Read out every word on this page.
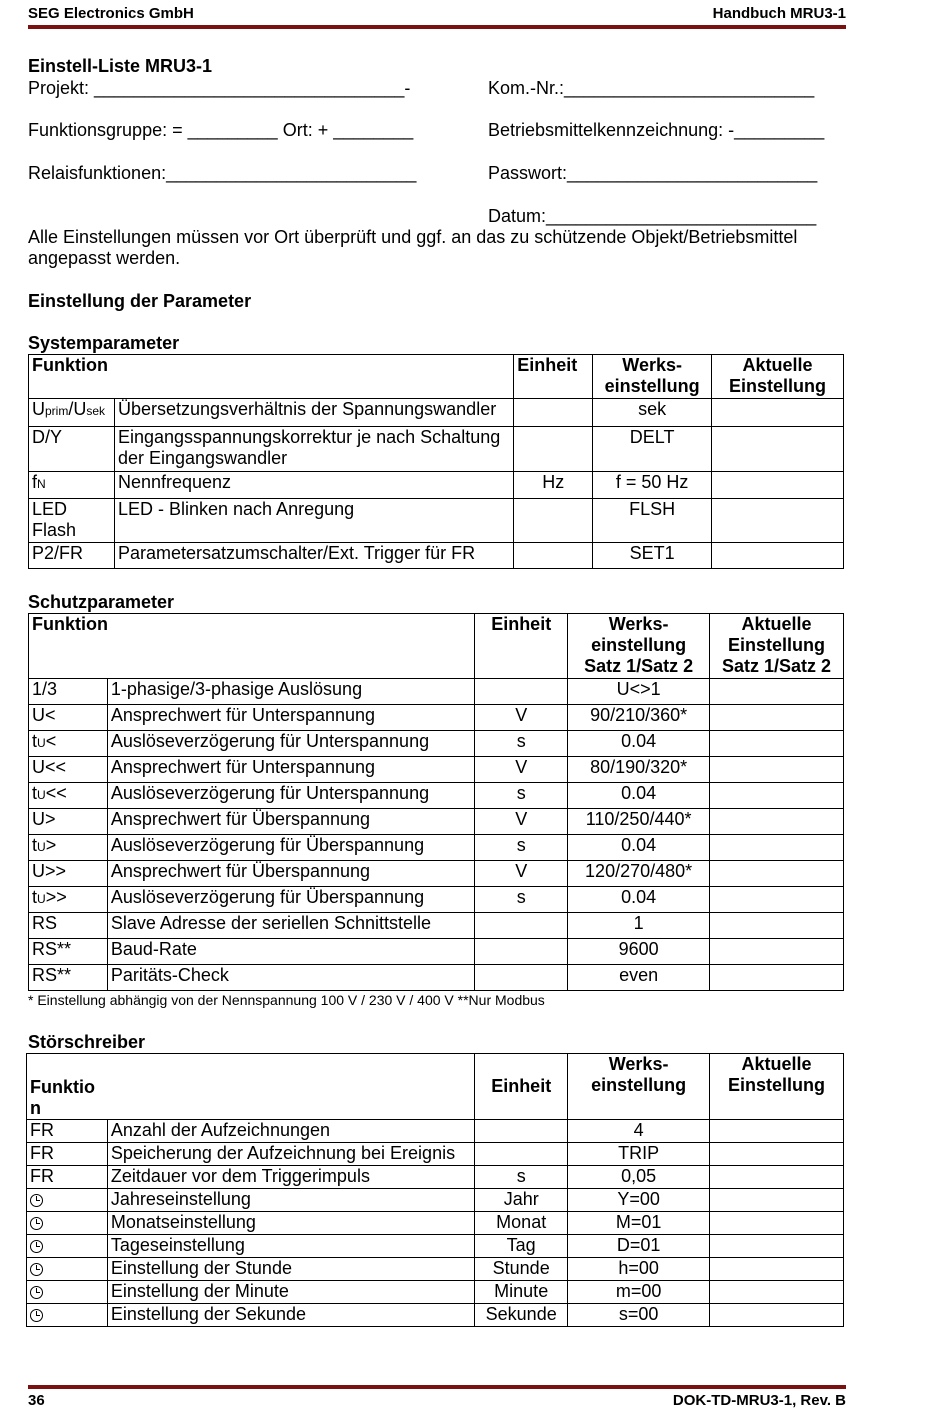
SEG Electronics GmbH	Handbuch MRU3-1
Einstell-Liste MRU3-1
Projekt: _______________________________-	Kom.-Nr.:_________________________
Funktionsgruppe: = _________ Ort: + ________	Betriebsmittelkennzeichnung: -_________
Relaisfunktionen:_________________________	Passwort:_________________________
Datum:___________________________
Alle Einstellungen müssen vor Ort überprüft und ggf. an das zu schützende Objekt/Betriebsmittel
angepasst werden.
Einstellung der Parameter
Systemparameter
Funktion		Einheit	Werks-
einstellung	Aktuelle
Einstellung
Uprim/Usek	Übersetzungsverhältnis der Spannungswandler		sek	
D/Y	Eingangsspannungskorrektur je nach Schaltung
der Eingangswandler		DELT	
fN	Nennfrequenz	Hz	f = 50 Hz	
LED
Flash	LED - Blinken nach Anregung		FLSH	
P2/FR	Parametersatzumschalter/Ext. Trigger für FR		SET1	
Schutzparameter
Funktion		Einheit	Werks-
einstellung
Satz 1/Satz 2	Aktuelle
Einstellung
Satz 1/Satz 2
1/3	1-phasige/3-phasige Auslösung		U<>1	
U<	Ansprechwert für Unterspannung	V	90/210/360*	
tU<	Auslöseverzögerung für Unterspannung	s	0.04	
U<<	Ansprechwert für Unterspannung	V	80/190/320*	
tU<<	Auslöseverzögerung für Unterspannung	s	0.04	
U>	Ansprechwert für Überspannung	V	110/250/440*	
tU>	Auslöseverzögerung für Überspannung	s	0.04	
U>>	Ansprechwert für Überspannung	V	120/270/480*	
tU>>	Auslöseverzögerung für Überspannung	s	0.04	
RS	Slave Adresse der seriellen Schnittstelle		1	
RS**	Baud-Rate		9600	
RS**	Paritäts-Check		even	
* Einstellung abhängig von der Nennspannung 100 V / 230 V / 400 V **Nur Modbus
Störschreiber
Funktio
n		Einheit	Werks-
einstellung	Aktuelle
Einstellung
FR	Anzahl der Aufzeichnungen		4	
FR	Speicherung der Aufzeichnung bei Ereignis		TRIP	
FR	Zeitdauer vor dem Triggerimpuls	s	0,05	
	Jahreseinstellung	Jahr	Y=00	
	Monatseinstellung	Monat	M=01	
	Tageseinstellung	Tag	D=01	
	Einstellung der Stunde	Stunde	h=00	
	Einstellung der Minute	Minute	m=00	
	Einstellung der Sekunde	Sekunde	s=00	
36	DOK-TD-MRU3-1, Rev. B
